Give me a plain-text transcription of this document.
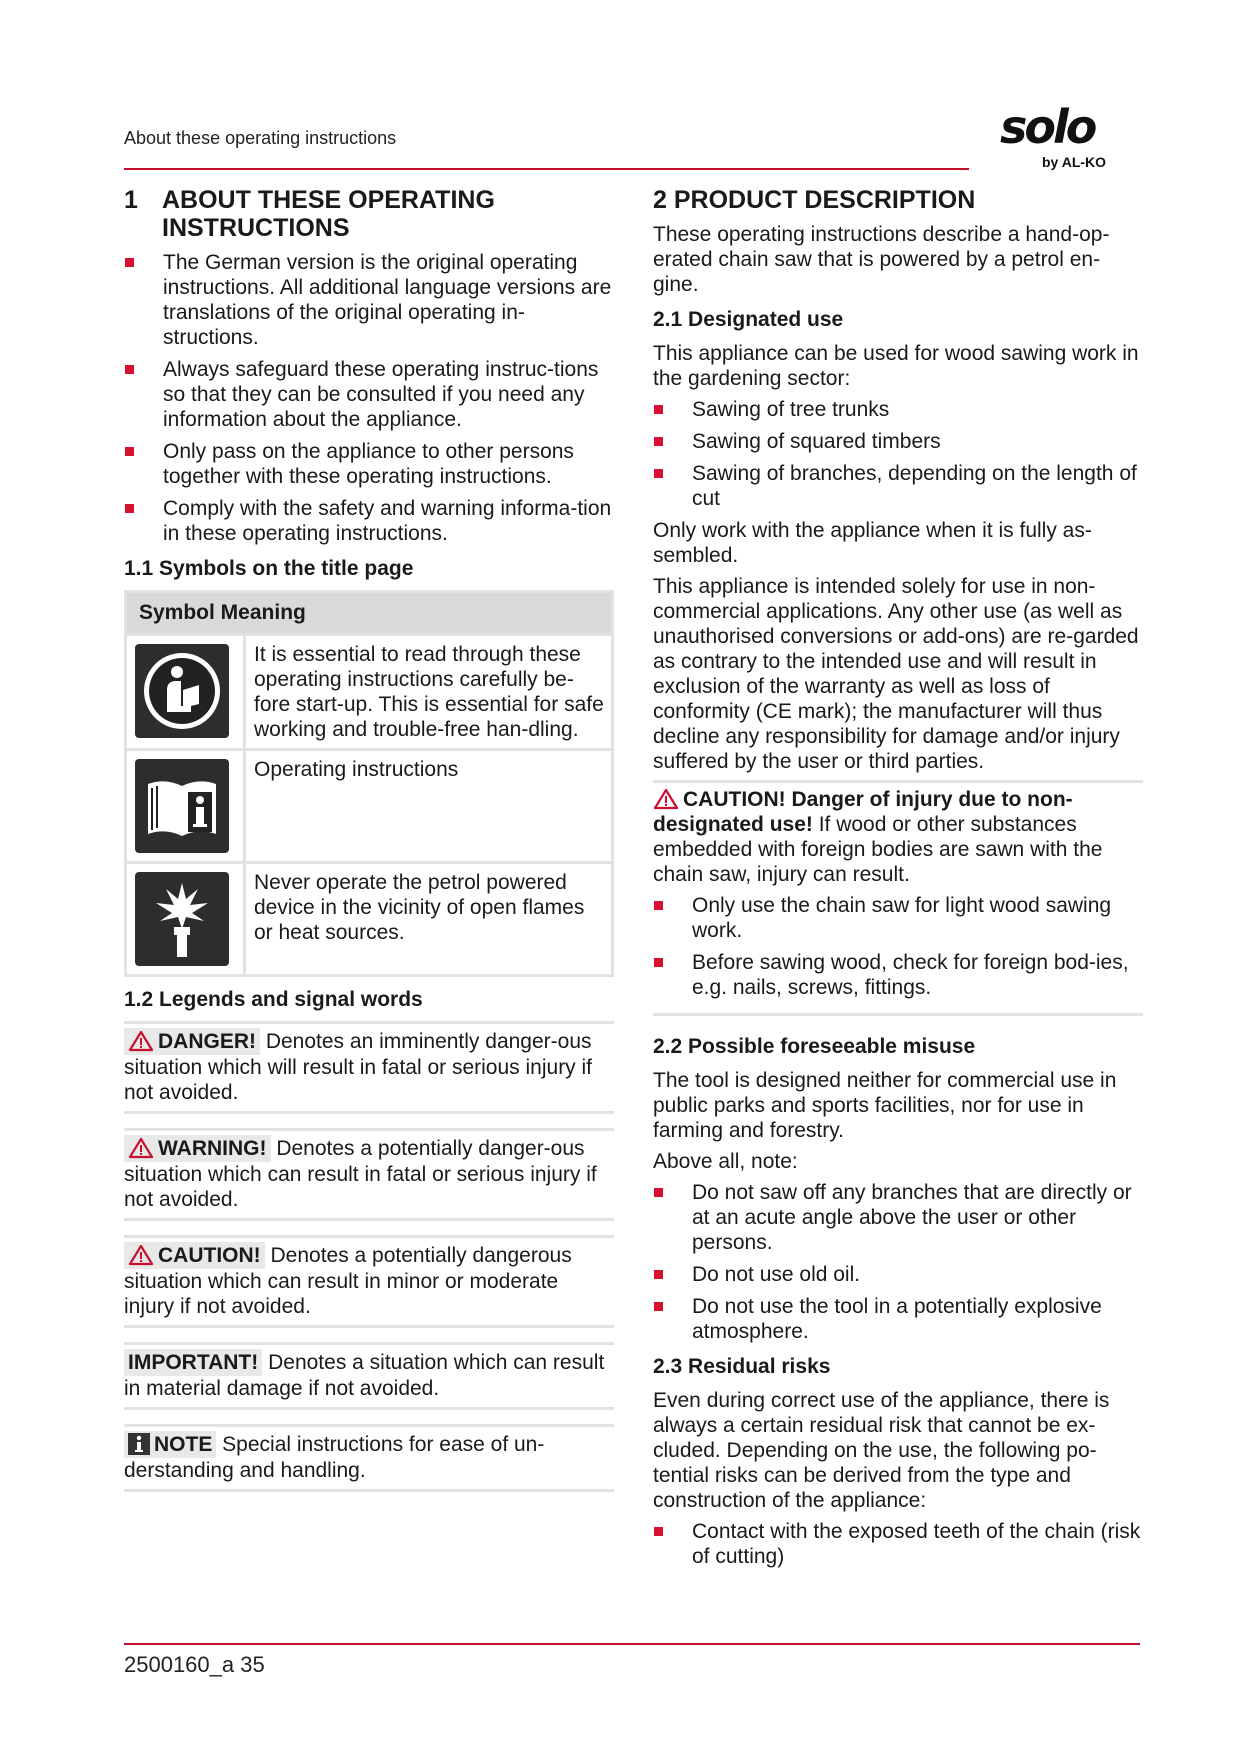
About these operating instructions	solo
by AL-KO
1 ABOUT THESE OPERATING INSTRUCTIONS
The German version is the original operating instructions. All additional language versions are translations of the original operating in-structions.
Always safeguard these operating instruc-tions so that they can be consulted if you need any information about the appliance.
Only pass on the appliance to other persons together with these operating instructions.
Comply with the safety and warning informa-tion in these operating instructions.
1.1 Symbols on the title page
Symbol Meaning	

	It is essential to read through these operating instructions carefully be-fore start-up. This is essential for safe working and trouble-free han-dling.

	Operating instructions

	Never operate the petrol powered device in the vicinity of open flames or heat sources.
1.2 Legends and signal words
DANGER! Denotes an imminently danger-ous situation which will result in fatal or serious injury if not avoided.
WARNING! Denotes a potentially danger-ous situation which can result in fatal or serious injury if not avoided.
CAUTION! Denotes a potentially dangerous situation which can result in minor or moderate injury if not avoided.
IMPORTANT! Denotes a situation which can result in material damage if not avoided.
NOTE Special instructions for ease of un-derstanding and handling.
2 PRODUCT DESCRIPTION

These operating instructions describe a hand-op-erated chain saw that is powered by a petrol en-gine.

2.1 Designated use

This appliance can be used for wood sawing work in the gardening sector:

Sawing of tree trunks
Sawing of squared timbers
Sawing of branches, depending on the length of cut

Only work with the appliance when it is fully as-sembled.

This appliance is intended solely for use in non-commercial applications. Any other use (as well as unauthorised conversions or add-ons) are re-garded as contrary to the intended use and will result in exclusion of the warranty as well as loss of conformity (CE mark); the manufacturer will thus decline any responsibility for damage and/or injury suffered by the user or third parties.

CAUTION! Danger of injury due to non-designated use! If wood or other substances embedded with foreign bodies are sawn with the chain saw, injury can result.

Only use the chain saw for light wood sawing work.
Before sawing wood, check for foreign bod-ies, e.g. nails, screws, fittings.
2.2 Possible foreseeable misuse

The tool is designed neither for commercial use in public parks and sports facilities, nor for use in farming and forestry.

Above all, note:

Do not saw off any branches that are directly or at an acute angle above the user or other persons.
Do not use old oil.
Do not use the tool in a potentially explosive atmosphere.
2.3 Residual risks

Even during correct use of the appliance, there is always a certain residual risk that cannot be ex-cluded. Depending on the use, the following po-tential risks can be derived from the type and construction of the appliance:

Contact with the exposed teeth of the chain (risk of cutting)
2500160_a 35
